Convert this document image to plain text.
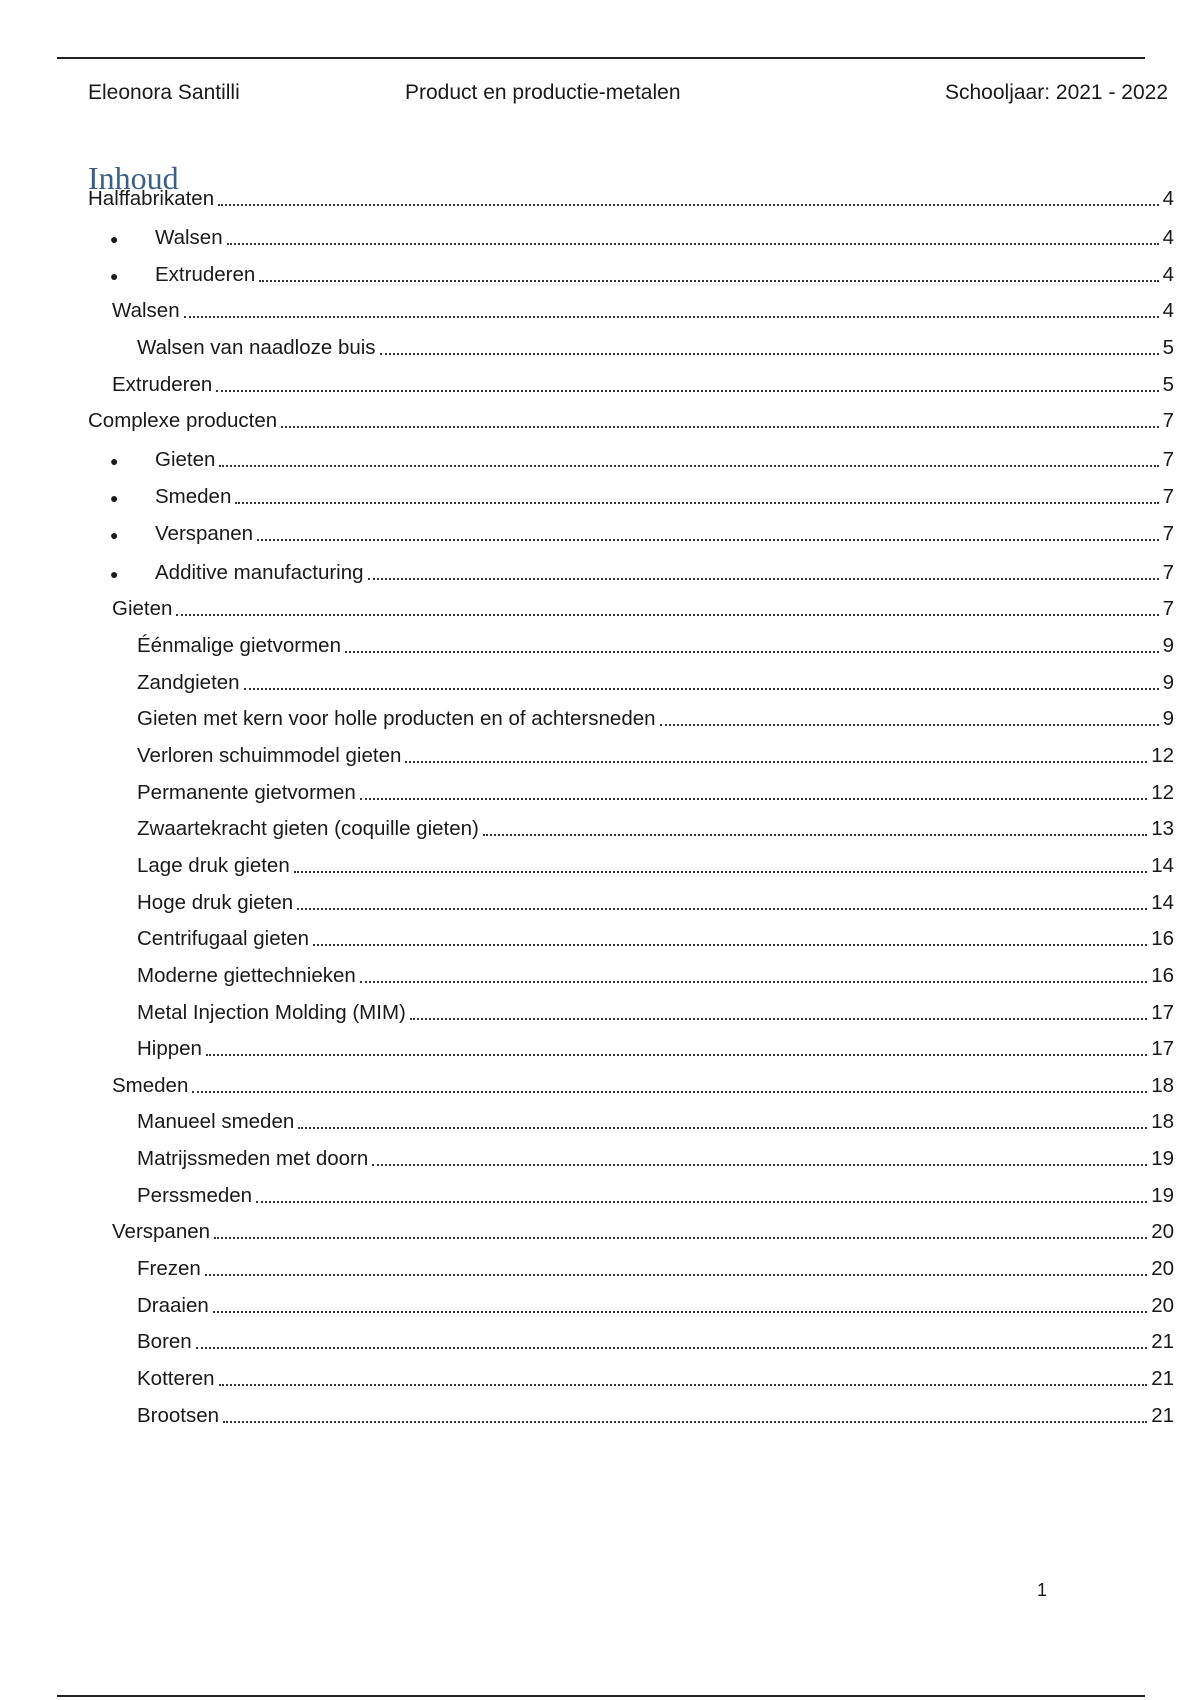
Eleonora Santilli	Product en productie-metalen	Schooljaar: 2021 - 2022
Inhoud
Halffabrikaten	4
●	Walsen	4
●	Extruderen	4
Walsen	4
Walsen van naadloze buis	5
Extruderen	5
Complexe producten	7
●	Gieten	7
●	Smeden	7
●	Verspanen	7
●	Additive manufacturing	7
Gieten	7
Éénmalige gietvormen	9
Zandgieten	9
Gieten met kern voor holle producten en of achtersneden	9
Verloren schuimmodel gieten	12
Permanente gietvormen	12
Zwaartekracht gieten (coquille gieten)	13
Lage druk gieten	14
Hoge druk gieten	14
Centrifugaal gieten	16
Moderne giettechnieken	16
Metal Injection Molding (MIM)	17
Hippen	17
Smeden	18
Manueel smeden	18
Matrijssmeden met doorn	19
Perssmeden	19
Verspanen	20
Frezen	20
Draaien	20
Boren	21
Kotteren	21
Brootsen	21
1
